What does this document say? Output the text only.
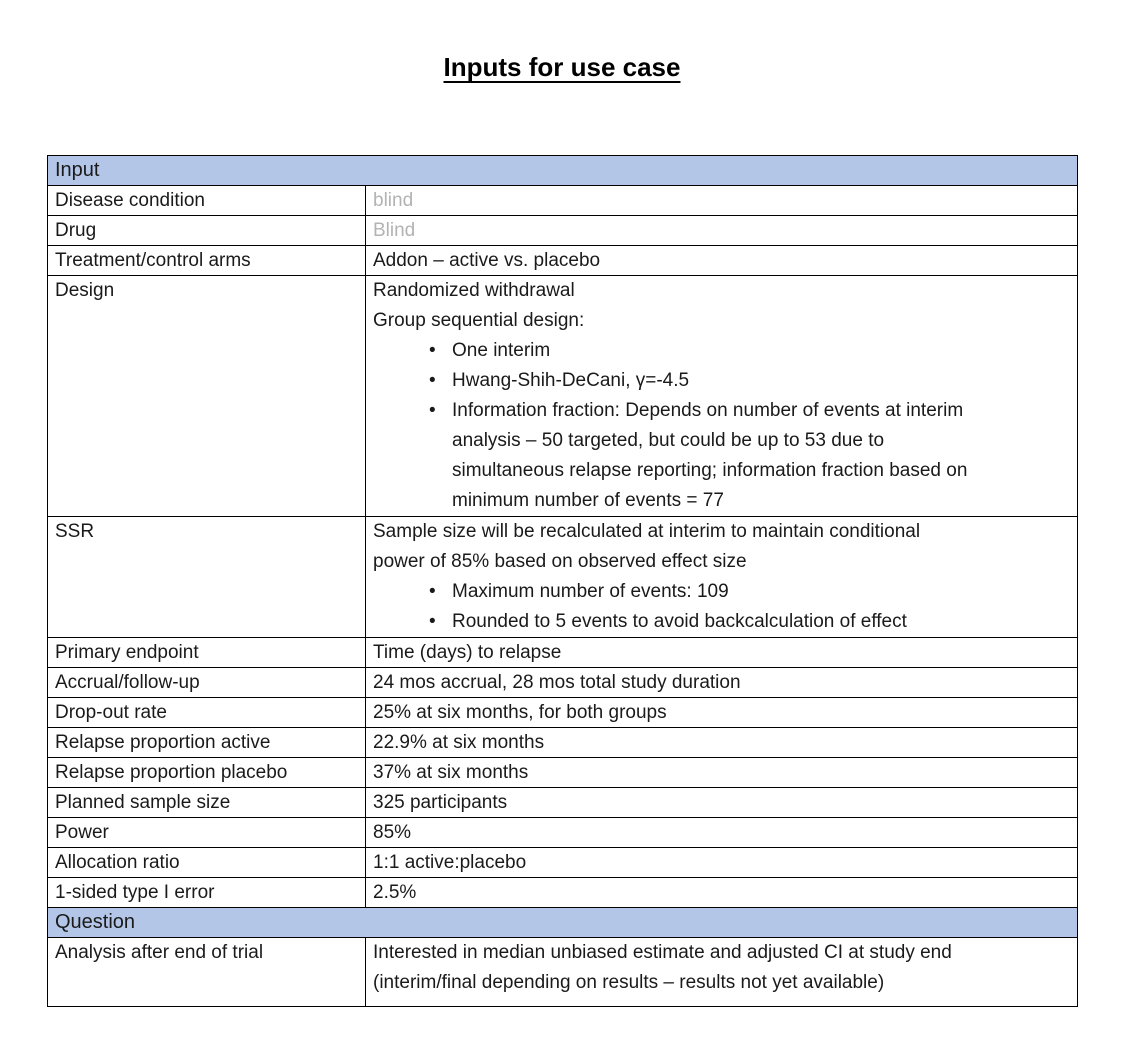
Inputs for use case
Input	
Disease condition	blind
Drug	Blind
Treatment/control arms	Addon – active vs. placebo
Design	Randomized withdrawal
Group sequential design:
• One interim
• Hwang-Shih-DeCani, γ=-4.5
• Information fraction: Depends on number of events at interim
analysis – 50 targeted, but could be up to 53 due to
simultaneous relapse reporting; information fraction based on
minimum number of events = 77

SSR	Sample size will be recalculated at interim to maintain conditional
power of 85% based on observed effect size
• Maximum number of events: 109
• Rounded to 5 events to avoid backcalculation of effect

Primary endpoint	Time (days) to relapse
Accrual/follow-up	24 mos accrual, 28 mos total study duration
Drop-out rate	25% at six months, for both groups
Relapse proportion active	22.9% at six months
Relapse proportion placebo	37% at six months
Planned sample size	325 participants
Power	85%
Allocation ratio	1:1 active:placebo
1-sided type I error	2.5%
Question	
Analysis after end of trial	Interested in median unbiased estimate and adjusted CI at study end
(interim/final depending on results – results not yet available)
